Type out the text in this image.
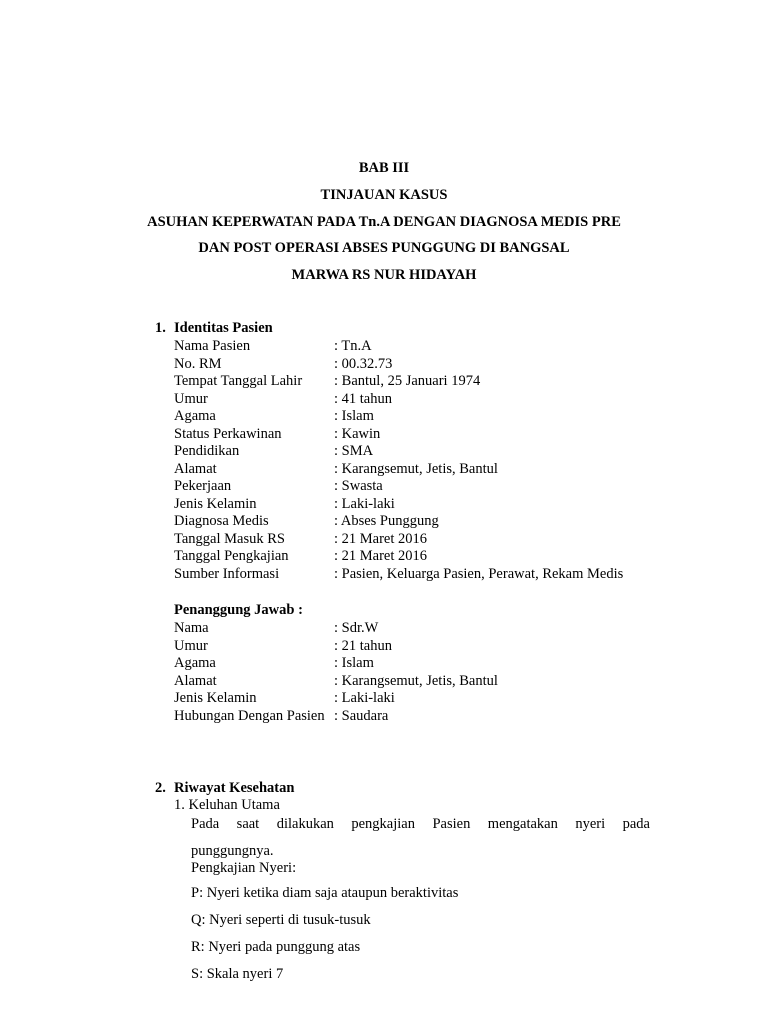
BAB III
TINJAUAN KASUS
ASUHAN KEPERWATAN PADA Tn.A DENGAN DIAGNOSA MEDIS PRE
DAN POST OPERASI ABSES PUNGGUNG DI BANGSAL
MARWA RS NUR HIDAYAH
1. Identitas Pasien
Nama Pasien	: Tn.A
No. RM	: 00.32.73
Tempat Tanggal Lahir : Bantul, 25 Januari 1974
Umur	: 41 tahun
Agama	: Islam
Status Perkawinan	: Kawin
Pendidikan	: SMA
Alamat	: Karangsemut, Jetis, Bantul
Pekerjaan	: Swasta
Jenis Kelamin	: Laki-laki
Diagnosa Medis	: Abses Punggung
Tanggal Masuk RS	: 21 Maret 2016
Tanggal Pengkajian	: 21 Maret 2016
Sumber Informasi	: Pasien, Keluarga Pasien, Perawat, Rekam Medis
Penanggung Jawab :
Nama	: Sdr.W
Umur	: 21 tahun
Agama	: Islam
Alamat	: Karangsemut, Jetis, Bantul
Jenis Kelamin	: Laki-laki
Hubungan Dengan Pasien : Saudara
2. Riwayat Kesehatan
1. Keluhan Utama
Pada saat dilakukan pengkajian Pasien mengatakan nyeri pada
punggungnya.
Pengkajian Nyeri:
P: Nyeri ketika diam saja ataupun beraktivitas
Q: Nyeri seperti di tusuk-tusuk
R: Nyeri pada punggung atas
S: Skala nyeri 7
